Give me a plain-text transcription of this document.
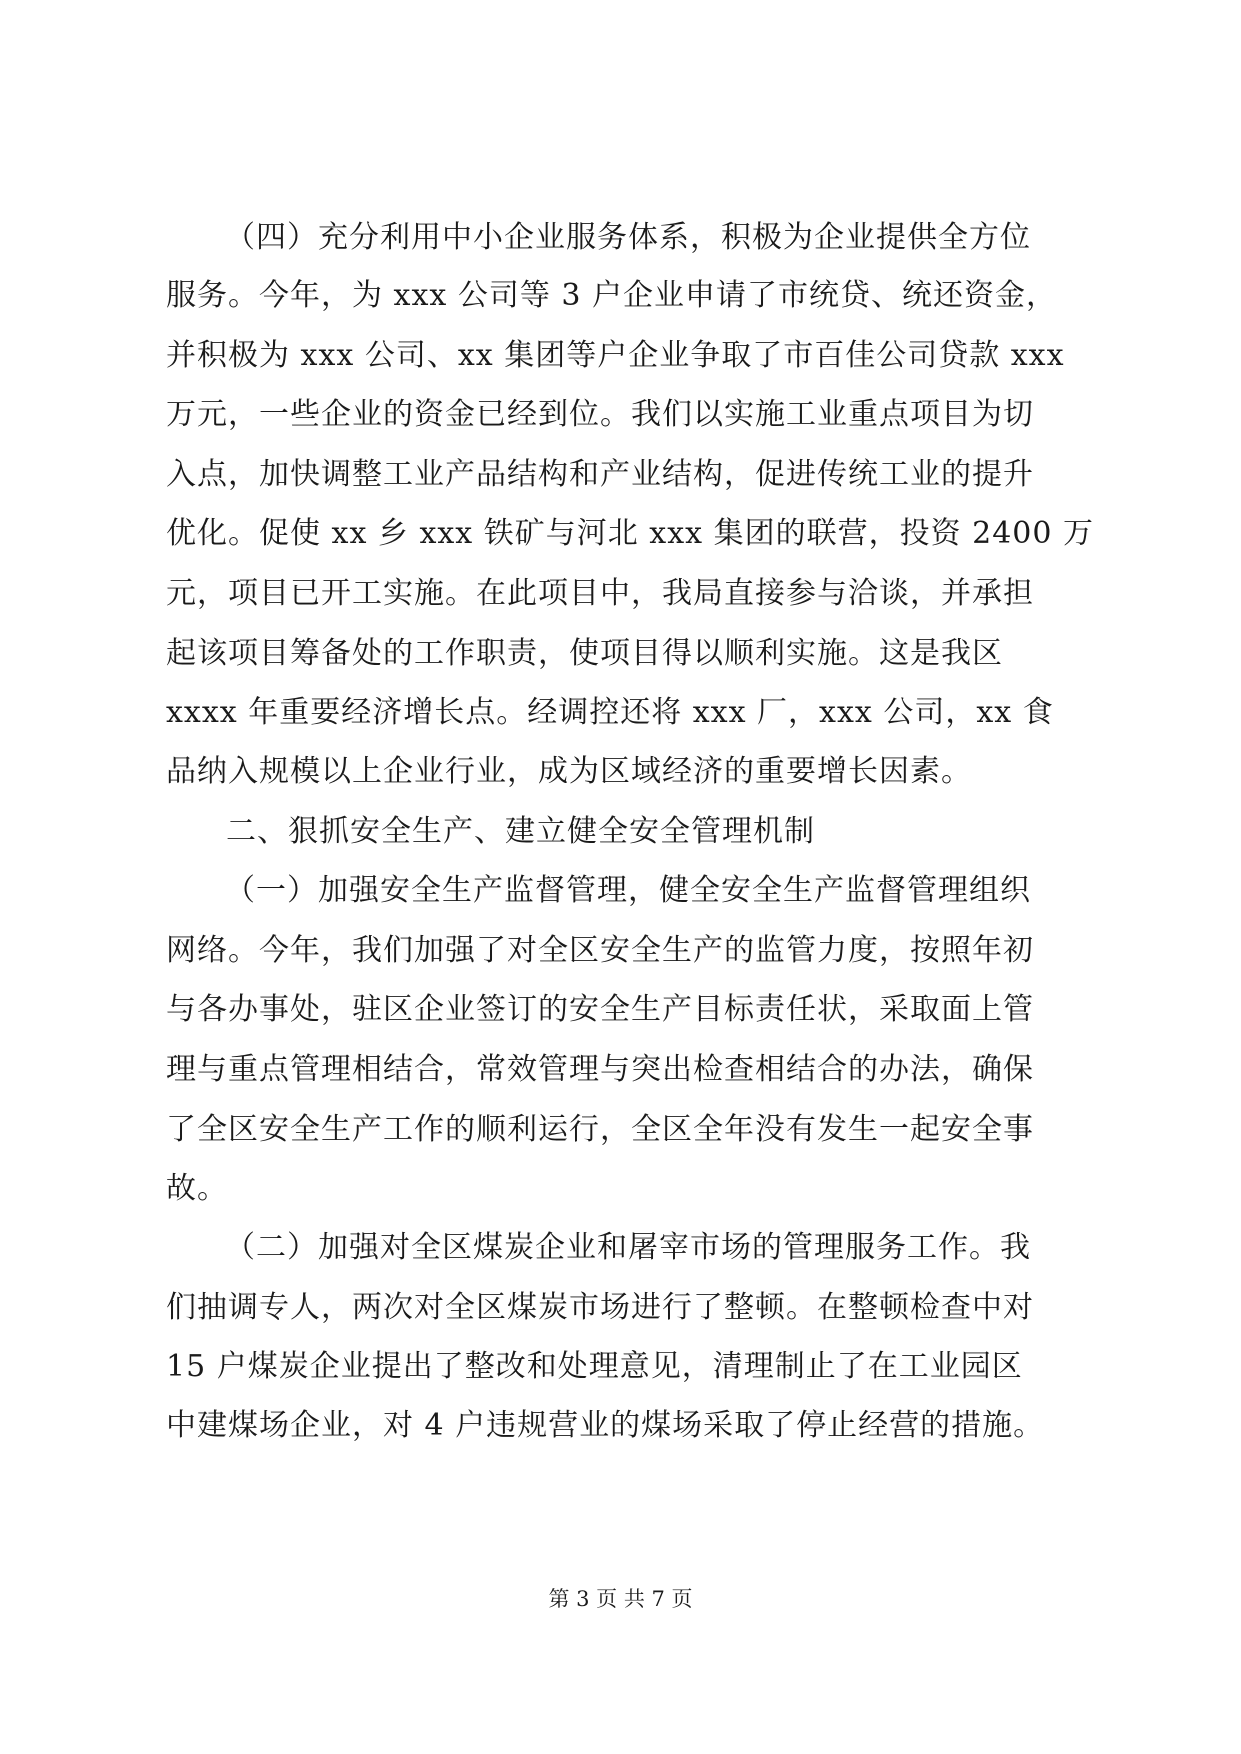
（四）充分利用中小企业服务体系，积极为企业提供全方位
服务。今年，为 xxx 公司等 3 户企业申请了市统贷、统还资金，
并积极为 xxx 公司、xx 集团等户企业争取了市百佳公司贷款 xxx
万元，一些企业的资金已经到位。我们以实施工业重点项目为切
入点，加快调整工业产品结构和产业结构，促进传统工业的提升
优化。促使 xx 乡 xxx 铁矿与河北 xxx 集团的联营，投资 2400 万
元，项目已开工实施。在此项目中，我局直接参与洽谈，并承担
起该项目筹备处的工作职责，使项目得以顺利实施。这是我区
xxxx 年重要经济增长点。经调控还将 xxx 厂，xxx 公司，xx 食
品纳入规模以上企业行业，成为区域经济的重要增长因素。
二、狠抓安全生产、建立健全安全管理机制
（一）加强安全生产监督管理，健全安全生产监督管理组织
网络。今年，我们加强了对全区安全生产的监管力度，按照年初
与各办事处，驻区企业签订的安全生产目标责任状，采取面上管
理与重点管理相结合，常效管理与突出检查相结合的办法，确保
了全区安全生产工作的顺利运行，全区全年没有发生一起安全事
故。
（二）加强对全区煤炭企业和屠宰市场的管理服务工作。我
们抽调专人，两次对全区煤炭市场进行了整顿。在整顿检查中对
15 户煤炭企业提出了整改和处理意见，清理制止了在工业园区
中建煤场企业，对 4 户违规营业的煤场采取了停止经营的措施。
第 3 页 共 7 页
